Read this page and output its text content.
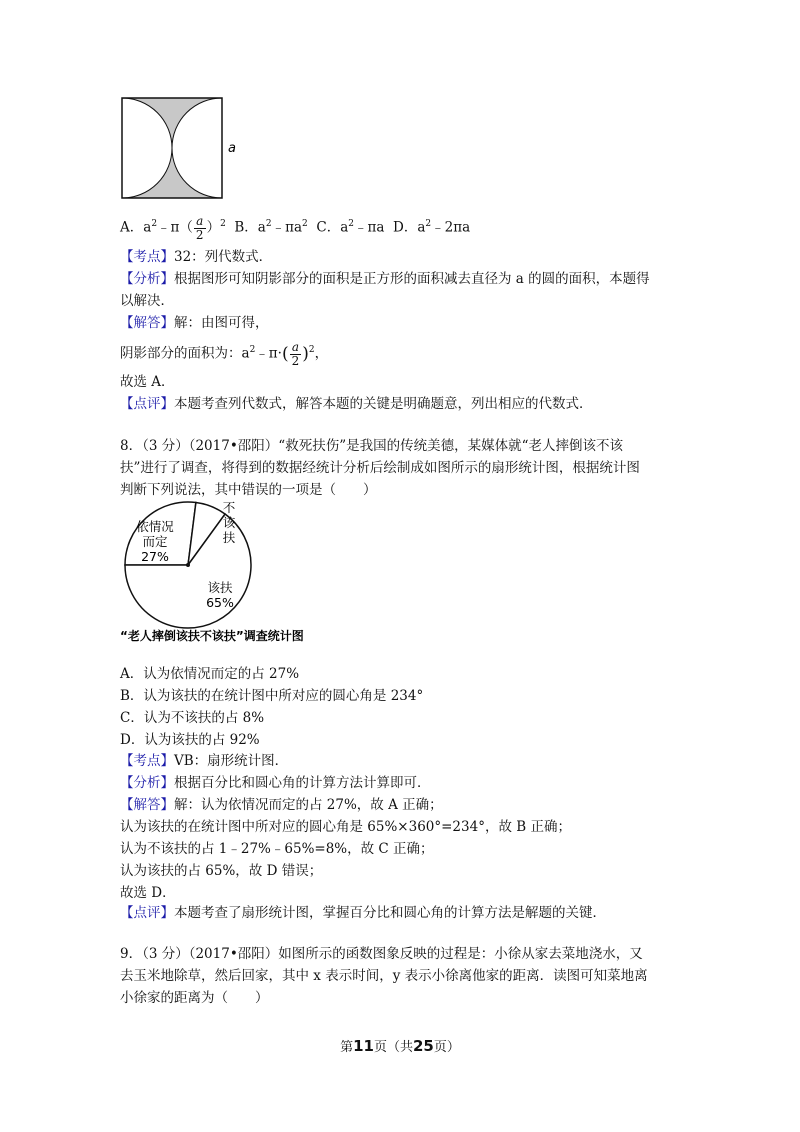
a
A．$a^2﹣\pi( \frac{a}{2} )^2$ B．$a^2﹣\pi a^2$ C．$a^2﹣\pi a$ D．$a^2﹣2\pi a$
【考点】32：列代数式．
【分析】根据图形可知阴影部分的面积是正方形的面积减去直径为 a 的圆的面积，本题得
以解决．
【解答】解：由图可得，
阴影部分的面积为：$a^2﹣\pi\cdot( \frac{a}{2} )^2$，
故选 A．
【点评】本题考查列代数式，解答本题的关键是明确题意，列出相应的代数式．
8．（3 分）（2017•邵阳）“救死扶伤”是我国的传统美德，某媒体就“老人摔倒该不该
扶”进行了调查，将得到的数据经统计分析后绘制成如图所示的扇形统计图，根据统计图
判断下列说法，其中错误的一项是（　　）
依情况
而定
27%
不
该
扶
该扶
65%
“老人摔倒该扶不该扶”调查统计图
A．认为依情况而定的占 27%
B．认为该扶的在统计图中所对应的圆心角是 234°
C．认为不该扶的占 8%
D．认为该扶的占 92%
【考点】VB：扇形统计图．
【分析】根据百分比和圆心角的计算方法计算即可．
【解答】解：认为依情况而定的占 27%，故 A 正确；
认为该扶的在统计图中所对应的圆心角是 65%×360°=234°，故 B 正确；
认为不该扶的占 1﹣27%﹣65%=8%，故 C 正确；
认为该扶的占 65%，故 D 错误；
故选 D．
【点评】本题考查了扇形统计图，掌握百分比和圆心角的计算方法是解题的关键．
9．（3 分）（2017•邵阳）如图所示的函数图象反映的过程是：小徐从家去菜地浇水，又
去玉米地除草，然后回家，其中 x 表示时间，y 表示小徐离他家的距离．读图可知菜地离
小徐家的距离为（　　）
第11页（共25页）
